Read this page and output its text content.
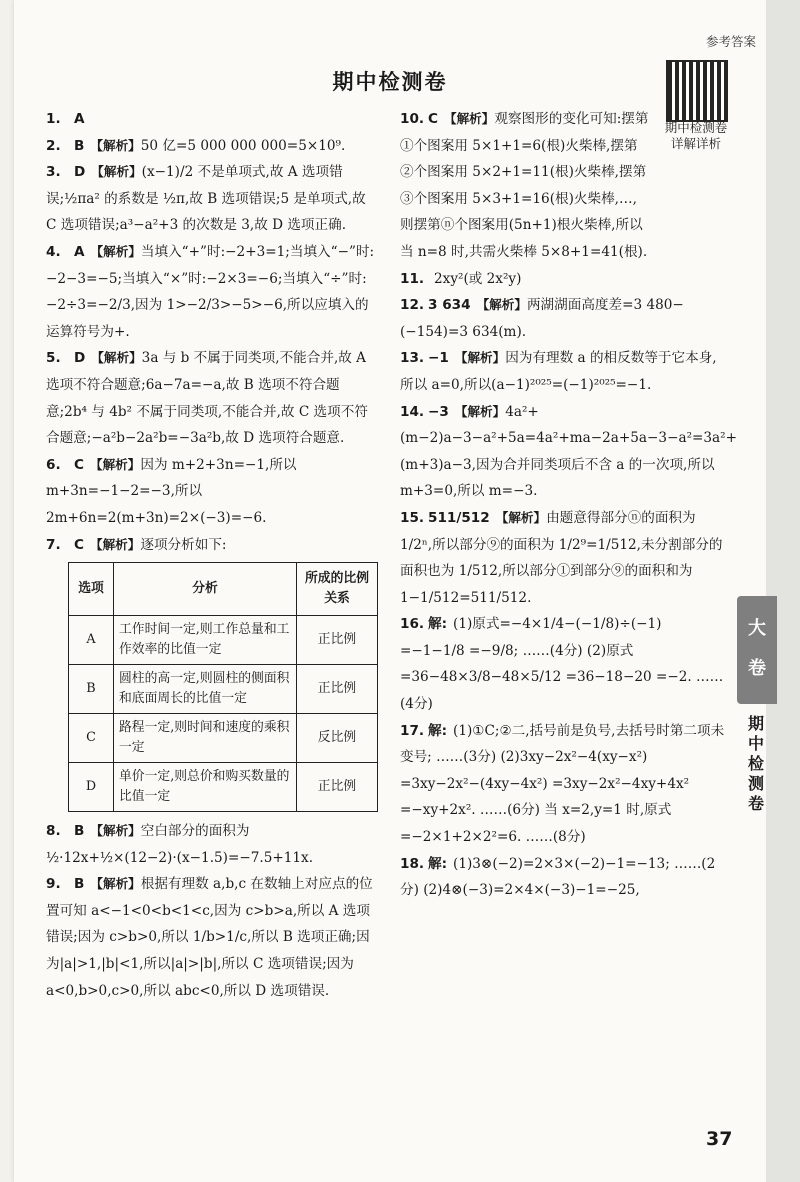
参考答案
期中检测卷
期中检测卷
详解详析
1. A
2. B 【解析】50 亿=5 000 000 000=5×10⁹.
3. D 【解析】(x−1)/2 不是单项式,故 A 选项错误;½πa² 的系数是 ½π,故 B 选项错误;5 是单项式,故 C 选项错误;a³−a²+3 的次数是 3,故 D 选项正确.
4. A 【解析】当填入“+”时:−2+3=1;当填入“−”时:−2−3=−5;当填入“×”时:−2×3=−6;当填入“÷”时:−2÷3=−2/3,因为 1>−2/3>−5>−6,所以应填入的运算符号为+.
5. D 【解析】3a 与 b 不属于同类项,不能合并,故 A 选项不符合题意;6a−7a=−a,故 B 选项不符合题意;2b⁴ 与 4b² 不属于同类项,不能合并,故 C 选项不符合题意;−a²b−2a²b=−3a²b,故 D 选项符合题意.
6. C 【解析】因为 m+2+3n=−1,所以 m+3n=−1−2=−3,所以 2m+6n=2(m+3n)=2×(−3)=−6.
7. C 【解析】逐项分析如下:
选项	分析	所成的比例关系
A	工作时间一定,则工作总量和工作效率的比值一定	正比例
B	圆柱的高一定,则圆柱的侧面积和底面周长的比值一定	正比例
C	路程一定,则时间和速度的乘积一定	反比例
D	单价一定,则总价和购买数量的比值一定	正比例
8. B 【解析】空白部分的面积为 ½·12x+½×(12−2)·(x−1.5)=−7.5+11x.
9. B 【解析】根据有理数 a,b,c 在数轴上对应点的位置可知 a<−1<0<b<1<c,因为 c>b>a,所以 A 选项错误;因为 c>b>0,所以 1/b>1/c,所以 B 选项正确;因为|a|>1,|b|<1,所以|a|>|b|,所以 C 选项错误;因为 a<0,b>0,c>0,所以 abc<0,所以 D 选项错误.
10. C 【解析】观察图形的变化可知:摆第①个图案用 5×1+1=6(根)火柴棒,摆第②个图案用 5×2+1=11(根)火柴棒,摆第③个图案用 5×3+1=16(根)火柴棒,…,则摆第ⓝ个图案用(5n+1)根火柴棒,所以当 n=8 时,共需火柴棒 5×8+1=41(根).
11. 2xy²(或 2x²y)
12. 3 634 【解析】两湖湖面高度差=3 480−(−154)=3 634(m).
13. −1 【解析】因为有理数 a 的相反数等于它本身,所以 a=0,所以(a−1)²⁰²⁵=(−1)²⁰²⁵=−1.
14. −3 【解析】4a²+(m−2)a−3−a²+5a=4a²+ma−2a+5a−3−a²=3a²+(m+3)a−3,因为合并同类项后不含 a 的一次项,所以 m+3=0,所以 m=−3.
15. 511/512 【解析】由题意得部分ⓝ的面积为 1/2ⁿ,所以部分⑨的面积为 1/2⁹=1/512,未分割部分的面积也为 1/512,所以部分①到部分⑨的面积和为 1−1/512=511/512.
16. 解: (1)原式=−4×1/4−(−1/8)÷(−1) =−1−1/8 =−9/8; ……(4分) (2)原式=36−48×3/8−48×5/12 =36−18−20 =−2. ……(4分)
17. 解: (1)①C;②二,括号前是负号,去括号时第二项未变号; ……(3分) (2)3xy−2x²−4(xy−x²) =3xy−2x²−(4xy−4x²) =3xy−2x²−4xy+4x² =−xy+2x². ……(6分) 当 x=2,y=1 时,原式=−2×1+2×2²=6. ……(8分)
18. 解: (1)3⊗(−2)=2×3×(−2)−1=−13; ……(2分) (2)4⊗(−3)=2×4×(−3)−1=−25,
大
卷
期中检测卷
37
